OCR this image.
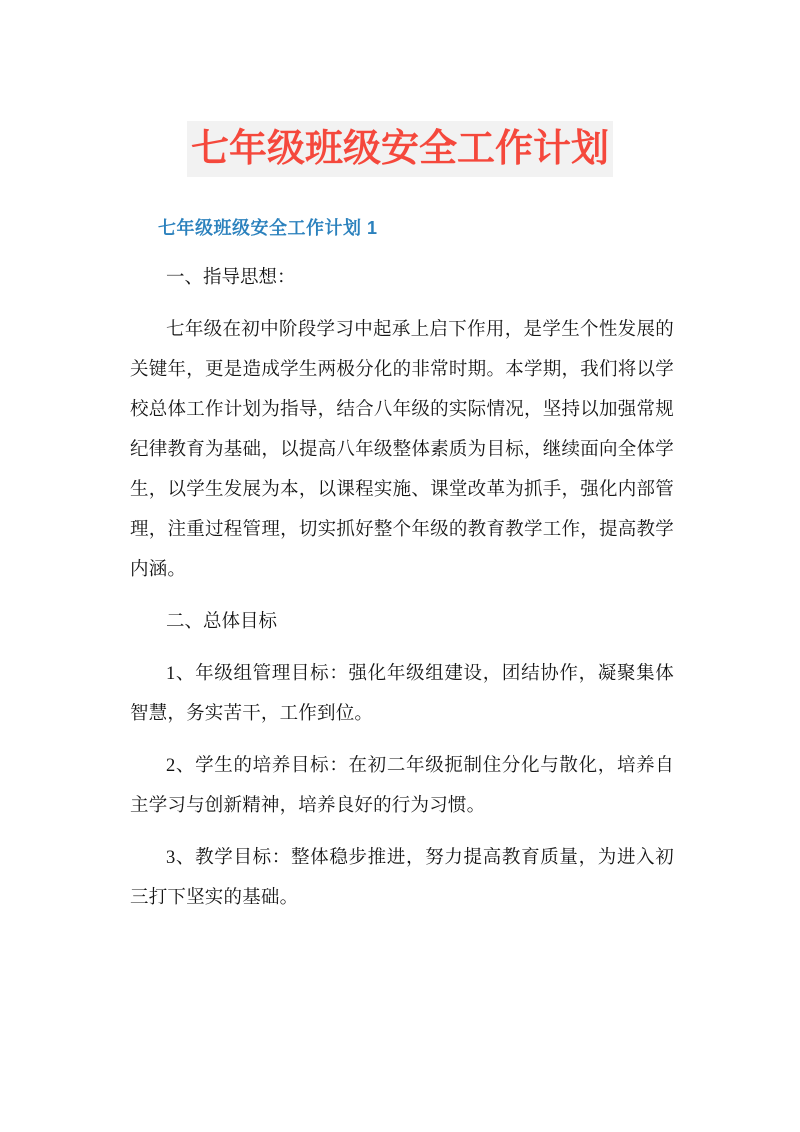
七年级班级安全工作计划
七年级班级安全工作计划 1

一、指导思想：

七年级在初中阶段学习中起承上启下作用，是学生个性发展的关键年，更是造成学生两极分化的非常时期。本学期，我们将以学校总体工作计划为指导，结合八年级的实际情况，坚持以加强常规纪律教育为基础，以提高八年级整体素质为目标，继续面向全体学生，以学生发展为本，以课程实施、课堂改革为抓手，强化内部管理，注重过程管理，切实抓好整个年级的教育教学工作，提高教学内涵。

二、总体目标

1、年级组管理目标：强化年级组建设，团结协作，凝聚集体智慧，务实苦干，工作到位。

2、学生的培养目标：在初二年级扼制住分化与散化，培养自主学习与创新精神，培养良好的行为习惯。

3、教学目标：整体稳步推进，努力提高教育质量，为进入初三打下坚实的基础。
